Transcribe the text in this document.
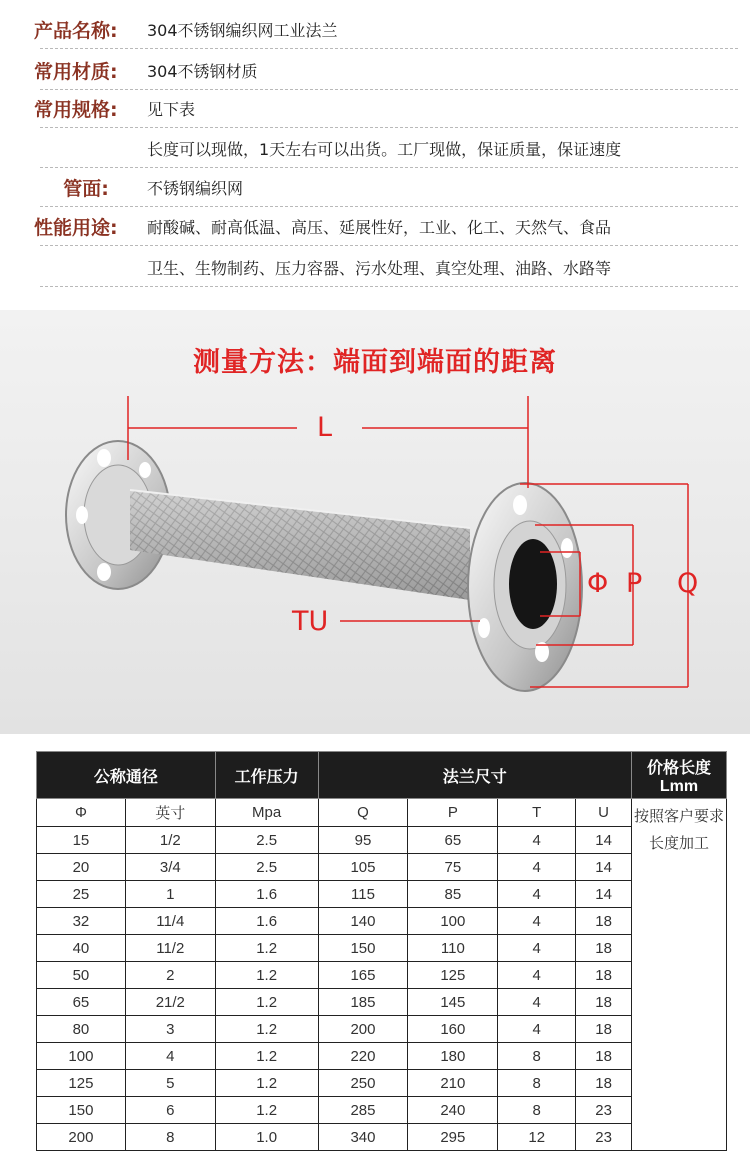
产品名称:	304不锈钢编织网工业法兰
常用材质:	304不锈钢材质
常用规格:	见下表
长度可以现做，1天左右可以出货。工厂现做，保证质量，保证速度
管面:	不锈钢编织网
性能用途:	耐酸碱、耐高低温、高压、延展性好，工业、化工、天然气、食品
卫生、生物制药、压力容器、污水处理、真空处理、油路、水路等
测量方法：端面到端面的距离
L
Φ P Q
TU
公称通径		工作压力	法兰尺寸				价格长度Lmm
Φ	英寸	Mpa	Q	P	T	U	按照客户要求
长度加工

15	1/2	2.5	95	65	4	14	
20	3/4	2.5	105	75	4	14	
25	1	1.6	115	85	4	14	
32	11/4	1.6	140	100	4	18	
40	11/2	1.2	150	110	4	18	
50	2	1.2	165	125	4	18	
65	21/2	1.2	185	145	4	18	
80	3	1.2	200	160	4	18	
100	4	1.2	220	180	8	18	
125	5	1.2	250	210	8	18	
150	6	1.2	285	240	8	23	
200	8	1.0	340	295	12	23	
